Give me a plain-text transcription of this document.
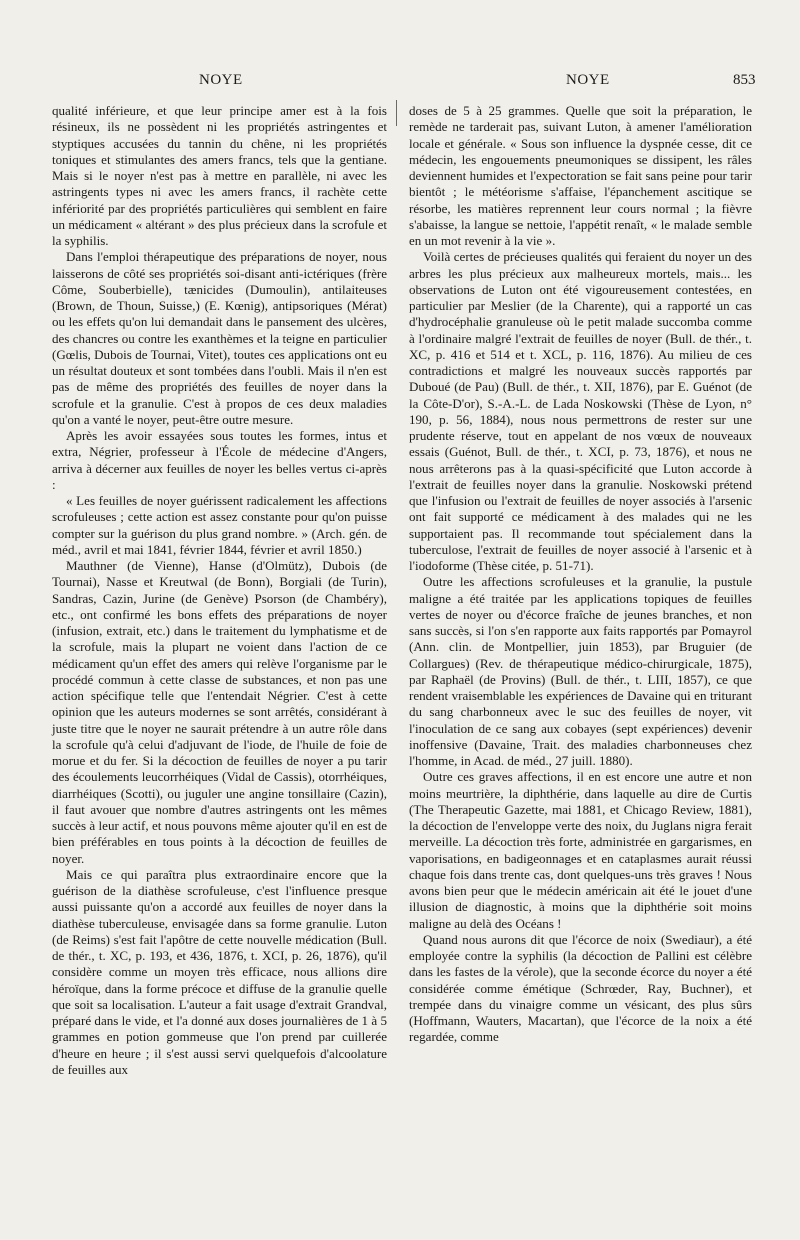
NOYE	NOYE	853

qualité inférieure, et que leur principe amer est à la fois résineux, ils ne possèdent ni les propriétés astringentes et styptiques accusées du tannin du chêne, ni les propriétés toniques et stimulantes des amers francs, tels que la gentiane. Mais si le noyer n'est pas à mettre en parallèle, ni avec les astringents types ni avec les amers francs, il rachète cette infériorité par des propriétés particulières qui semblent en faire un médicament « altérant » des plus précieux dans la scrofule et la syphilis.

Dans l'emploi thérapeutique des préparations de noyer, nous laisserons de côté ses propriétés soi-disant anti-ictériques (frère Côme, Souberbielle), tænicides (Dumoulin), antilaiteuses (Brown, de Thoun, Suisse,) (E. Kœnig), antipsoriques (Mérat) ou les effets qu'on lui demandait dans le pansement des ulcères, des chancres ou contre les exanthèmes et la teigne en particulier (Gœlis, Dubois de Tournai, Vitet), toutes ces applications ont eu un résultat douteux et sont tombées dans l'oubli. Mais il n'en est pas de même des propriétés des feuilles de noyer dans la scrofule et la granulie. C'est à propos de ces deux maladies qu'on a vanté le noyer, peut-être outre mesure.

Après les avoir essayées sous toutes les formes, intus et extra, Négrier, professeur à l'École de médecine d'Angers, arriva à décerner aux feuilles de noyer les belles vertus ci-après :

« Les feuilles de noyer guérissent radicalement les affections scrofuleuses ; cette action est assez constante pour qu'on puisse compter sur la guérison du plus grand nombre. » (Arch. gén. de méd., avril et mai 1841, février 1844, février et avril 1850.)

Mauthner (de Vienne), Hanse (d'Olmütz), Dubois (de Tournai), Nasse et Kreutwal (de Bonn), Borgiali (de Turin), Sandras, Cazin, Jurine (de Genève) Psorson (de Chambéry), etc., ont confirmé les bons effets des préparations de noyer (infusion, extrait, etc.) dans le traitement du lymphatisme et de la scrofule, mais la plupart ne voient dans l'action de ce médicament qu'un effet des amers qui relève l'organisme par le procédé commun à cette classe de substances, et non pas une action spécifique telle que l'entendait Négrier. C'est à cette opinion que les auteurs modernes se sont arrêtés, considérant à juste titre que le noyer ne saurait prétendre à un autre rôle dans la scrofule qu'à celui d'adjuvant de l'iode, de l'huile de foie de morue et du fer. Si la décoction de feuilles de noyer a pu tarir des écoulements leucorrhéiques (Vidal de Cassis), otorrhéiques, diarrhéiques (Scotti), ou juguler une angine tonsillaire (Cazin), il faut avouer que nombre d'autres astringents ont les mêmes succès à leur actif, et nous pouvons même ajouter qu'il en est de bien préférables en tous points à la décoction de feuilles de noyer.

Mais ce qui paraîtra plus extraordinaire encore que la guérison de la diathèse scrofuleuse, c'est l'influence presque aussi puissante qu'on a accordé aux feuilles de noyer dans la diathèse tuberculeuse, envisagée dans sa forme granulie. Luton (de Reims) s'est fait l'apôtre de cette nouvelle médication (Bull. de thér., t. XC, p. 193, et 436, 1876, t. XCI, p. 26, 1876), qu'il considère comme un moyen très efficace, nous allions dire héroïque, dans la forme précoce et diffuse de la granulie quelle que soit sa localisation. L'auteur a fait usage d'extrait Grandval, préparé dans le vide, et l'a donné aux doses journalières de 1 à 5 grammes en potion gommeuse que l'on prend par cuillerée d'heure en heure ; il s'est aussi servi quelquefois d'alcoolature de feuilles aux

doses de 5 à 25 grammes. Quelle que soit la préparation, le remède ne tarderait pas, suivant Luton, à amener l'amélioration locale et générale. « Sous son influence la dyspnée cesse, dit ce médecin, les engouements pneumoniques se dissipent, les râles deviennent humides et l'expectoration se fait sans peine pour tarir bientôt ; le météorisme s'affaise, l'épanchement ascitique se résorbe, les matières reprennent leur cours normal ; la fièvre s'abaisse, la langue se nettoie, l'appétit renaît, « le malade semble en un mot revenir à la vie ».

Voilà certes de précieuses qualités qui feraient du noyer un des arbres les plus précieux aux malheureux mortels, mais... les observations de Luton ont été vigoureusement contestées, en particulier par Meslier (de la Charente), qui a rapporté un cas d'hydrocéphalie granuleuse où le petit malade succomba comme à l'ordinaire malgré l'extrait de feuilles de noyer (Bull. de thér., t. XC, p. 416 et 514 et t. XCL, p. 116, 1876). Au milieu de ces contradictions et malgré les nouveaux succès rapportés par Duboué (de Pau) (Bull. de thér., t. XII, 1876), par E. Guénot (de la Côte-D'or), S.-A.-L. de Lada Noskowski (Thèse de Lyon, n° 190, p. 56, 1884), nous nous permettrons de rester sur une prudente réserve, tout en appelant de nos vœux de nouveaux essais (Guénot, Bull. de thér., t. XCI, p. 73, 1876), et nous ne nous arrêterons pas à la quasi-spécificité que Luton accorde à l'extrait de feuilles noyer dans la granulie. Noskowski prétend que l'infusion ou l'extrait de feuilles de noyer associés à l'arsenic ont fait supporté ce médicament à des malades qui ne les supportaient pas. Il recommande tout spécialement dans la tuberculose, l'extrait de feuilles de noyer associé à l'arsenic et à l'iodoforme (Thèse citée, p. 51-71).

Outre les affections scrofuleuses et la granulie, la pustule maligne a été traitée par les applications topiques de feuilles vertes de noyer ou d'écorce fraîche de jeunes branches, et non sans succès, si l'on s'en rapporte aux faits rapportés par Pomayrol (Ann. clin. de Montpellier, juin 1853), par Bruguier (de Collargues) (Rev. de thérapeutique médico-chirurgicale, 1875), par Raphaël (de Provins) (Bull. de thér., t. LIII, 1857), ce que rendent vraisemblable les expériences de Davaine qui en triturant du sang charbonneux avec le suc des feuilles de noyer, vit l'inoculation de ce sang aux cobayes (sept expériences) devenir inoffensive (Davaine, Trait. des maladies charbonneuses chez l'homme, in Acad. de méd., 27 juill. 1880).

Outre ces graves affections, il en est encore une autre et non moins meurtrière, la diphthérie, dans laquelle au dire de Curtis (The Therapeutic Gazette, mai 1881, et Chicago Review, 1881), la décoction de l'enveloppe verte des noix, du Juglans nigra ferait merveille. La décoction très forte, administrée en gargarismes, en vaporisations, en badigeonnages et en cataplasmes aurait réussi chaque fois dans trente cas, dont quelques-uns très graves ! Nous avons bien peur que le médecin américain ait été le jouet d'une illusion de diagnostic, à moins que la diphthérie soit moins maligne au delà des Océans !

Quand nous aurons dit que l'écorce de noix (Swediaur), a été employée contre la syphilis (la décoction de Pallini est célèbre dans les fastes de la vérole), que la seconde écorce du noyer a été considérée comme émétique (Schrœder, Ray, Buchner), et trempée dans du vinaigre comme un vésicant, des plus sûrs (Hoffmann, Wauters, Macartan), que l'écorce de la noix a été regardée, comme
